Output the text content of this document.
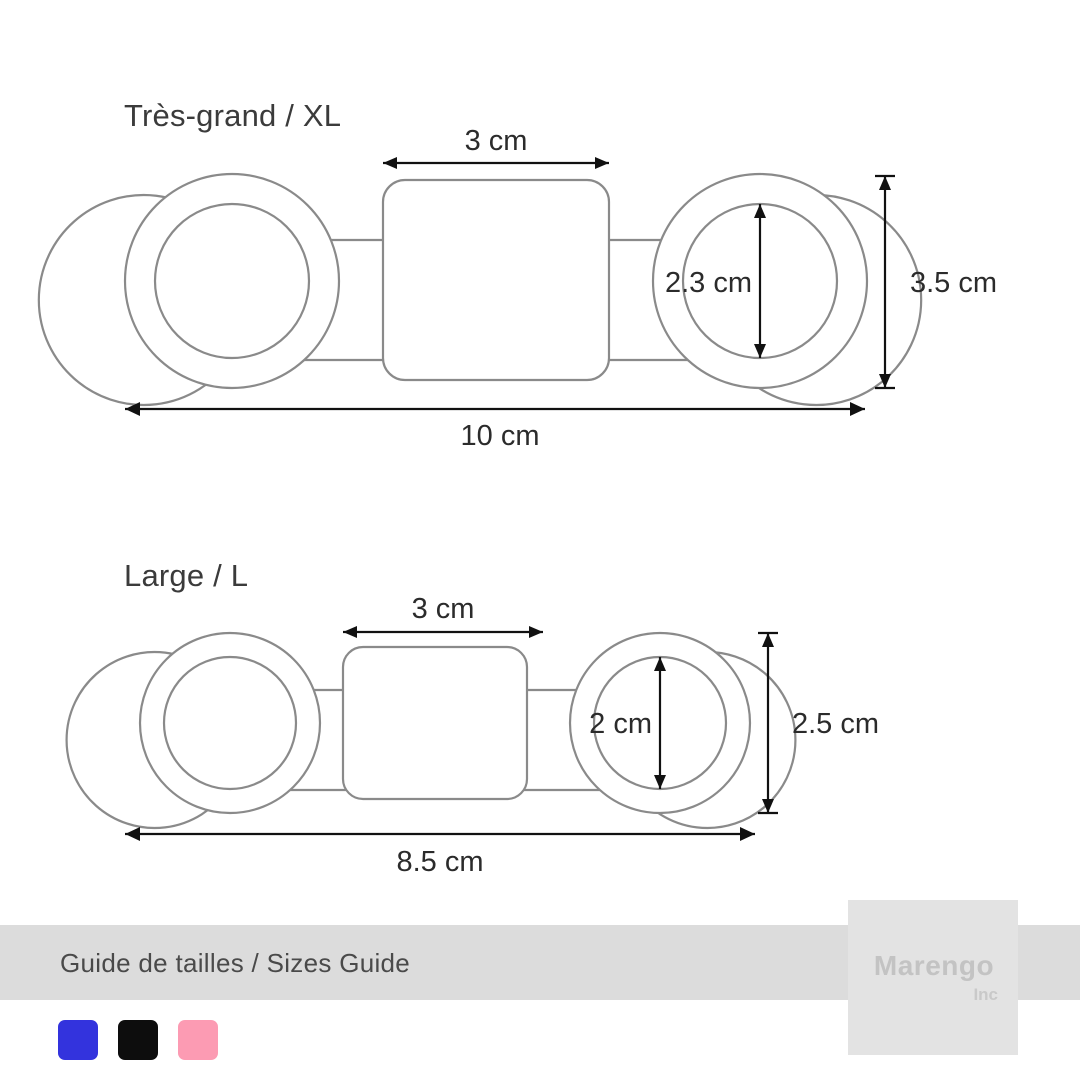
Très-grand / XL
3 cm
2.3 cm	3.5 cm
10 cm
Large / L
3 cm
2 cm	2.5 cm
8.5 cm
Guide de tailles / Sizes Guide	Marengo
Inc
